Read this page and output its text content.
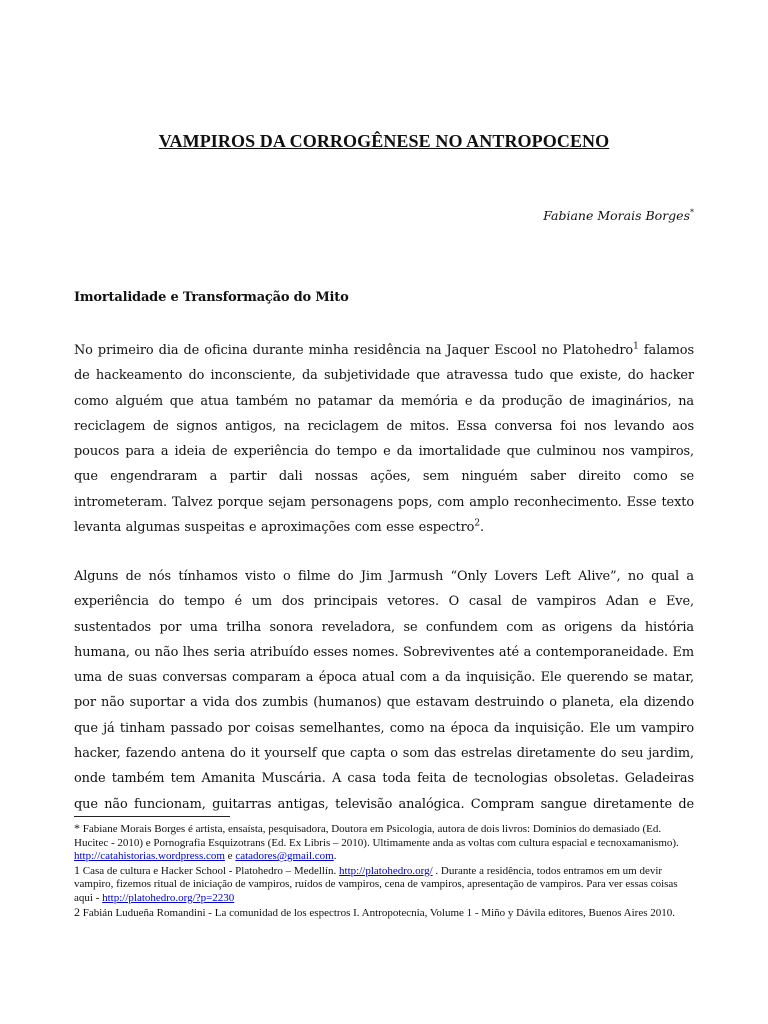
VAMPIROS DA CORROGÊNESE NO ANTROPOCENO
Fabiane Morais Borges*
Imortalidade e Transformação do Mito
No primeiro dia de oficina durante minha residência na Jaquer Escool no Platohedro$^1$ falamos de hackeamento do inconsciente, da subjetividade que atravessa tudo que existe, do hacker como alguém que atua também no patamar da memória e da produção de imaginários, na reciclagem de signos antigos, na reciclagem de mitos. Essa conversa foi nos levando aos poucos para a ideia de experiência do tempo e da imortalidade que culminou nos vampiros, que engendraram a partir dali nossas ações, sem ninguém saber direito como se intrometeram. Talvez porque sejam personagens pops, com amplo reconhecimento. Esse texto levanta algumas suspeitas e aproximações com esse espectro$^2$.
Alguns de nós tínhamos visto o filme do Jim Jarmush “Only Lovers Left Alive”, no qual a experiência do tempo é um dos principais vetores. O casal de vampiros Adan e Eve, sustentados por uma trilha sonora reveladora, se confundem com as origens da história humana, ou não lhes seria atribuído esses nomes. Sobreviventes até a contemporaneidade. Em uma de suas conversas comparam a época atual com a da inquisição. Ele querendo se matar, por não suportar a vida dos zumbis (humanos) que estavam destruindo o planeta, ela dizendo que já tinham passado por coisas semelhantes, como na época da inquisição. Ele um vampiro hacker, fazendo antena do it yourself que capta o som das estrelas diretamente do seu jardim, onde também tem Amanita Muscária. A casa toda feita de tecnologias obsoletas. Geladeiras que não funcionam, guitarras antigas, televisão analógica. Compram sangue diretamente de

* Fabiane Morais Borges é artista, ensaísta, pesquisadora, Doutora em Psicologia, autora de dois livros: Domínios do demasiado (Ed. Hucitec - 2010) e Pornografia Esquizotrans (Ed. Ex Libris – 2010). Ultimamente anda as voltas com cultura espacial e tecnoxamanismo). http://catahistorias.wordpress.com e catadores@gmail.com.

1 Casa de cultura e Hacker School - Platohedro – Medellín. http://platohedro.org/ . Durante a residência, todos entramos em um devir vampiro, fizemos ritual de iniciação de vampiros, ruídos de vampiros, cena de vampiros, apresentação de vampiros. Para ver essas coisas aqui - http://platohedro.org/?p=2230

2 Fabián Ludueña Romandini - La comunidad de los espectros I. Antropotecnia, Volume 1 - Miño y Dávila editores, Buenos Aires 2010.
